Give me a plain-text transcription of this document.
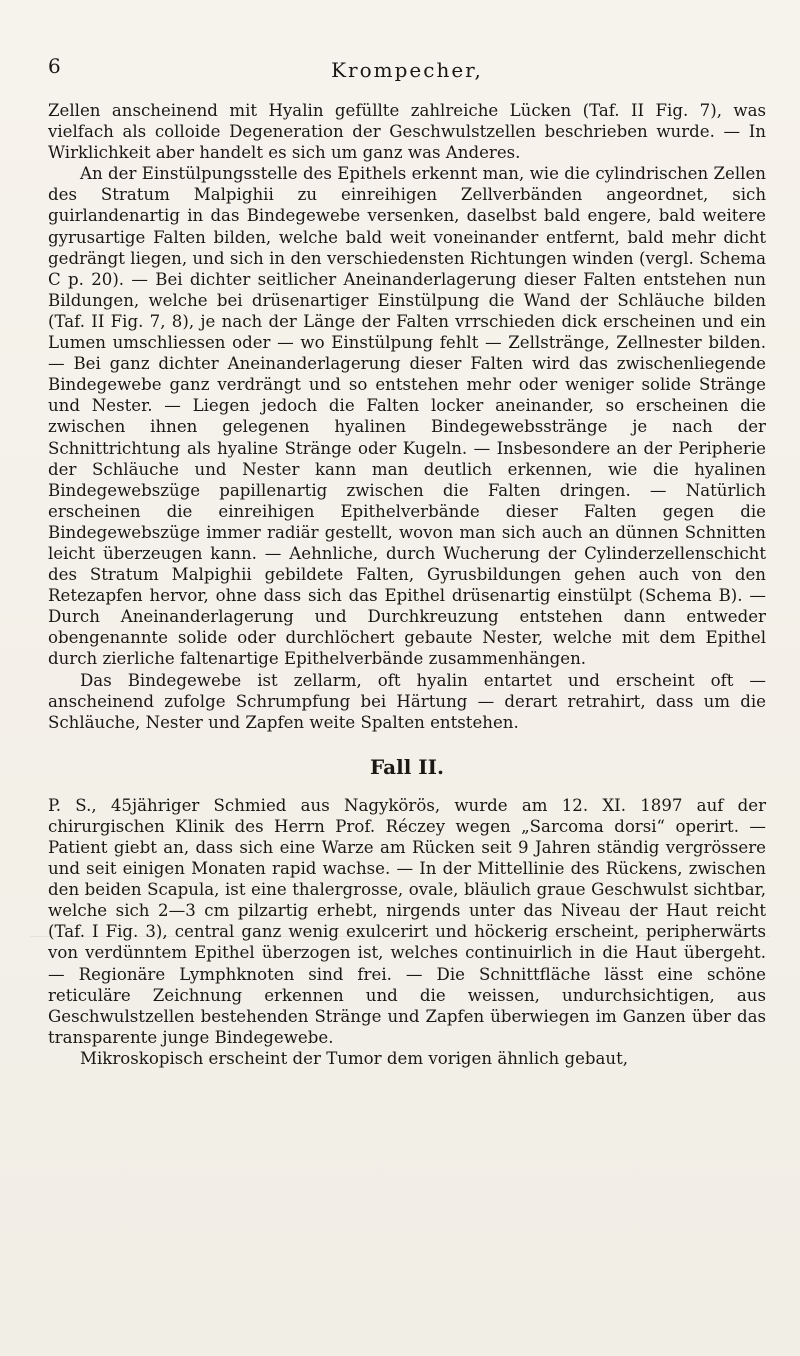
6	Krompecher,

Zellen anscheinend mit Hyalin gefüllte zahlreiche Lücken (Taf. II Fig. 7), was vielfach als colloide Degeneration der Geschwulstzellen beschrieben wurde. — In Wirklichkeit aber handelt es sich um ganz was Anderes.

An der Einstülpungsstelle des Epithels erkennt man, wie die cylindrischen Zellen des Stratum Malpighii zu einreihigen Zellverbänden angeordnet, sich guirlandenartig in das Bindegewebe versenken, daselbst bald engere, bald weitere gyrusartige Falten bilden, welche bald weit voneinander entfernt, bald mehr dicht gedrängt liegen, und sich in den verschiedensten Richtungen winden (vergl. Schema C p. 20). — Bei dichter seitlicher Aneinanderlagerung dieser Falten entstehen nun Bildungen, welche bei drüsenartiger Einstülpung die Wand der Schläuche bilden (Taf. II Fig. 7, 8), je nach der Länge der Falten vrrschieden dick erscheinen und ein Lumen umschliessen oder — wo Einstülpung fehlt — Zellstränge, Zellnester bilden. — Bei ganz dichter Aneinanderlagerung dieser Falten wird das zwischenliegende Bindegewebe ganz verdrängt und so entstehen mehr oder weniger solide Stränge und Nester. — Liegen jedoch die Falten locker aneinander, so erscheinen die zwischen ihnen gelegenen hyalinen Bindegewebsstränge je nach der Schnittrichtung als hyaline Stränge oder Kugeln. — Insbesondere an der Peripherie der Schläuche und Nester kann man deutlich erkennen, wie die hyalinen Bindegewebszüge papillenartig zwischen die Falten dringen. — Natürlich erscheinen die einreihigen Epithelverbände dieser Falten gegen die Bindegewebszüge immer radiär gestellt, wovon man sich auch an dünnen Schnitten leicht überzeugen kann. — Aehnliche, durch Wucherung der Cylinderzellenschicht des Stratum Malpighii gebildete Falten, Gyrusbildungen gehen auch von den Retezapfen hervor, ohne dass sich das Epithel drüsenartig einstülpt (Schema B). — Durch Aneinanderlagerung und Durchkreuzung entstehen dann entweder obengenannte solide oder durchlöchert gebaute Nester, welche mit dem Epithel durch zierliche faltenartige Epithelverbände zusammenhängen.

Das Bindegewebe ist zellarm, oft hyalin entartet und erscheint oft — anscheinend zufolge Schrumpfung bei Härtung — derart retrahirt, dass um die Schläuche, Nester und Zapfen weite Spalten entstehen.

Fall II.

P. S., 45jähriger Schmied aus Nagykörös, wurde am 12. XI. 1897 auf der chirurgischen Klinik des Herrn Prof. Réczey wegen „Sarcoma dorsi“ operirt. — Patient giebt an, dass sich eine Warze am Rücken seit 9 Jahren ständig vergrössere und seit einigen Monaten rapid wachse. — In der Mittellinie des Rückens, zwischen den beiden Scapula, ist eine thalergrosse, ovale, bläulich graue Geschwulst sichtbar, welche sich 2—3 cm pilzartig erhebt, nirgends unter das Niveau der Haut reicht (Taf. I Fig. 3), central ganz wenig exulcerirt und höckerig erscheint, peripherwärts von verdünntem Epithel überzogen ist, welches continuirlich in die Haut übergeht. — Regionäre Lymphknoten sind frei. — Die Schnittfläche lässt eine schöne reticuläre Zeichnung erkennen und die weissen, undurchsichtigen, aus Geschwulstzellen bestehenden Stränge und Zapfen überwiegen im Ganzen über das transparente junge Bindegewebe.

Mikroskopisch erscheint der Tumor dem vorigen ähnlich gebaut,
